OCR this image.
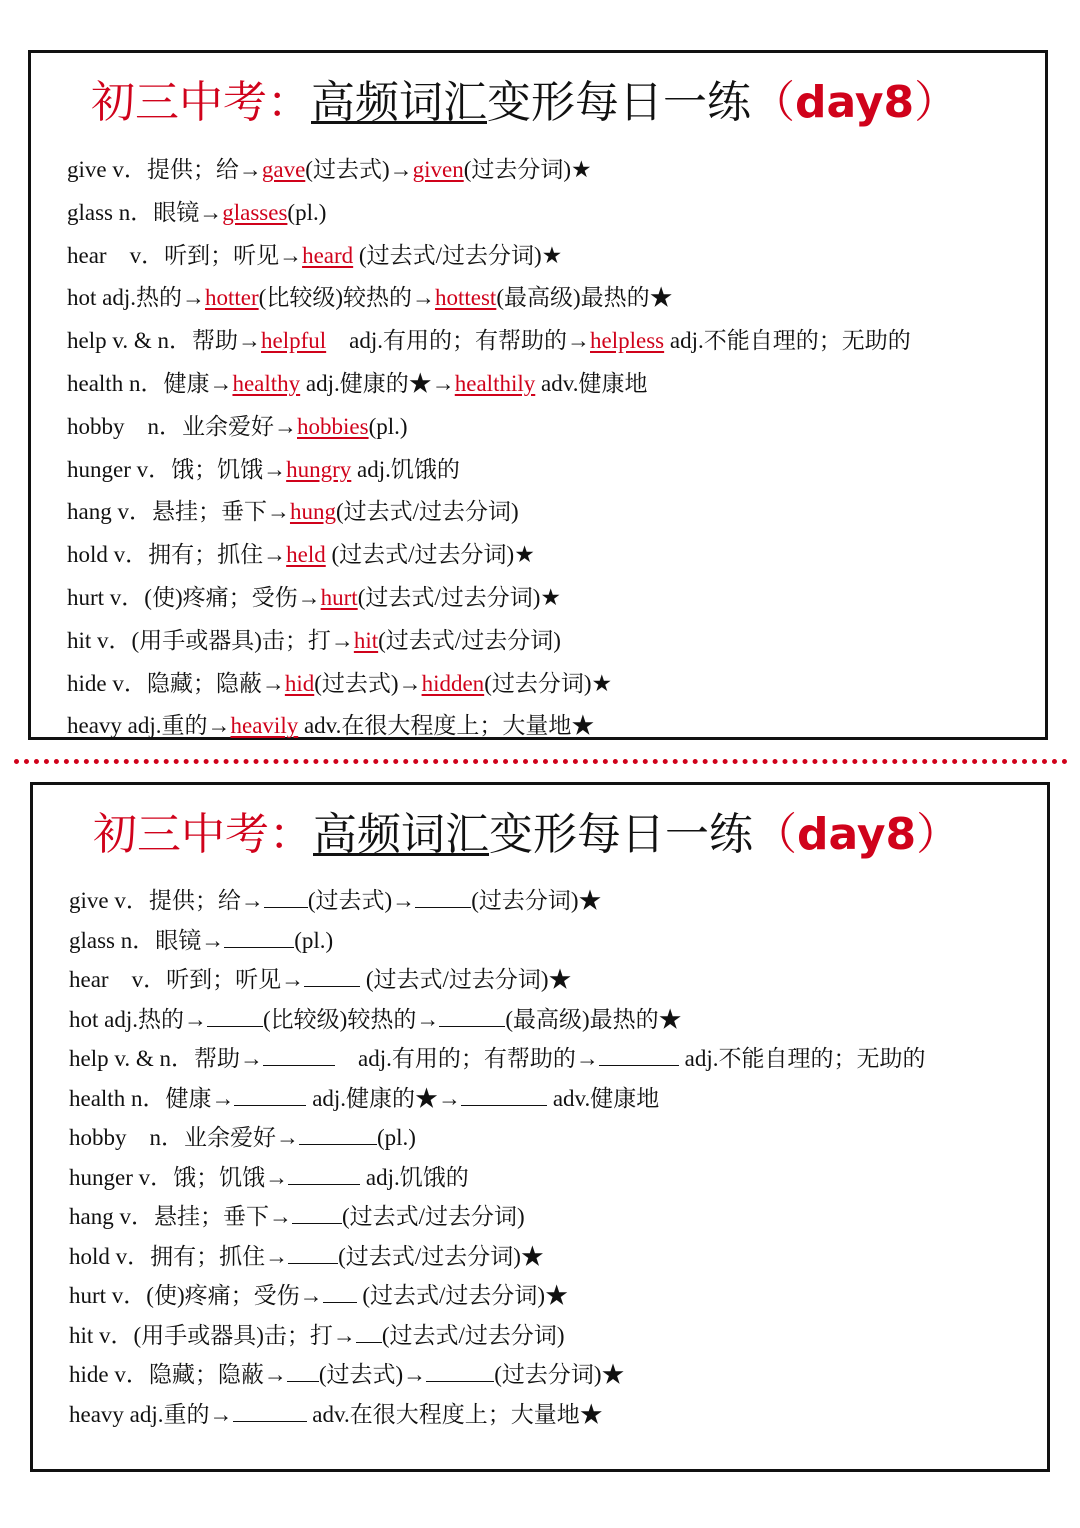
初三中考：高频词汇变形每日一练（day8）
give v．提供；给→gave(过去式)→given(过去分词)★
glass n．眼镜→glasses(pl.)
hear　v．听到；听见→heard (过去式/过去分词)★
hot adj.热的→hotter(比较级)较热的→hottest(最高级)最热的★
help v. & n．帮助→helpful　adj.有用的；有帮助的→helpless adj.不能自理的；无助的
health n．健康→healthy adj.健康的★→healthily adv.健康地
hobby　n．业余爱好→hobbies(pl.)
hunger v．饿；饥饿→hungry adj.饥饿的
hang v．悬挂；垂下→hung(过去式/过去分词)
hold v．拥有；抓住→held (过去式/过去分词)★
hurt v．(使)疼痛；受伤→hurt(过去式/过去分词)★
hit v．(用手或器具)击；打→hit(过去式/过去分词)
hide v．隐藏；隐蔽→hid(过去式)→hidden(过去分词)★
heavy adj.重的→heavily adv.在很大程度上；大量地★
初三中考：高频词汇变形每日一练（day8）
give v．提供；给→ (过去式)→ (过去分词)★
glass n．眼镜→	(pl.)
hear　v．听到；听见→ (过去式/过去分词)★
hot adj.热的→ (比较级)较热的→	(最高级)最热的★
help v. & n．帮助→	　adj.有用的；有帮助的→	adj.不能自理的；无助的
health n．健康→	adj.健康的★→	adv.健康地
hobby　n．业余爱好→	(pl.)
hunger v．饿；饥饿→	adj.饥饿的
hang v．悬挂；垂下→ (过去式/过去分词)
hold v．拥有；抓住→ (过去式/过去分词)★
hurt v．(使)疼痛；受伤→ (过去式/过去分词)★
hit v．(用手或器具)击；打→ (过去式/过去分词)
hide v．隐藏；隐蔽→ (过去式)→	(过去分词)★
heavy adj.重的→	adv.在很大程度上；大量地★
